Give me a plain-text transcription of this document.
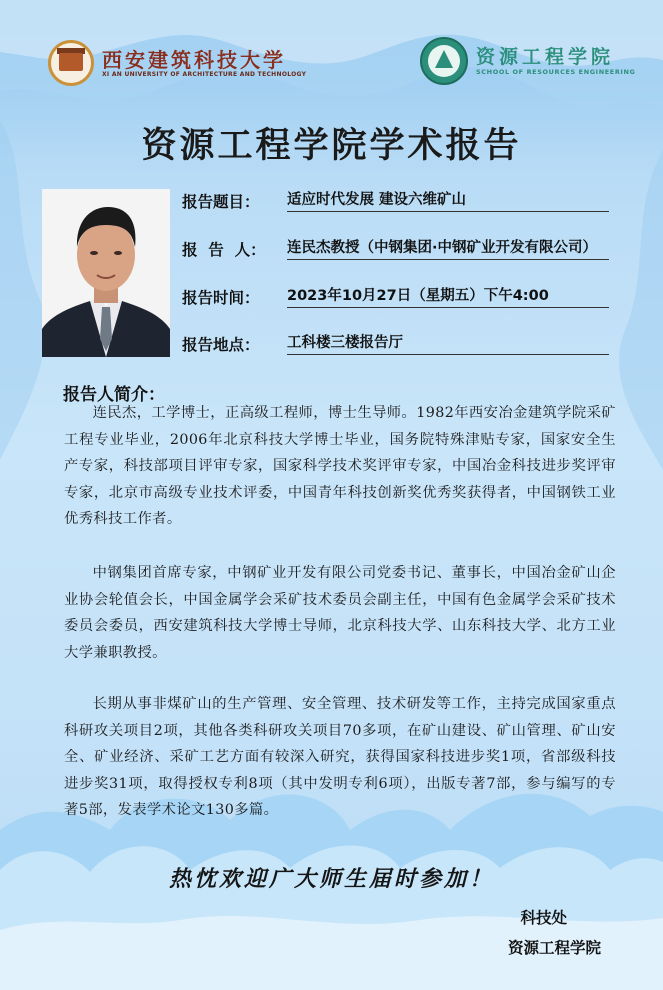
西安建筑科技大学
XI AN UNIVERSITY OF ARCHITECTURE AND TECHNOLOGY
资源工程学院
SCHOOL OF RESOURCES ENGINEERING
资源工程学院学术报告
报告题目：	适应时代发展 建设六维矿山
报  告  人：	连民杰教授（中钢集团·中钢矿业开发有限公司）
报告时间：	2023年10月27日（星期五）下午4:00
报告地点：	工科楼三楼报告厅
报告人简介：

连民杰，工学博士，正高级工程师，博士生导师。1982年西安冶金建筑学院采矿工程专业毕业，2006年北京科技大学博士毕业，国务院特殊津贴专家，国家安全生产专家，科技部项目评审专家，国家科学技术奖评审专家，中国冶金科技进步奖评审专家，北京市高级专业技术评委，中国青年科技创新奖优秀奖获得者，中国钢铁工业优秀科技工作者。

中钢集团首席专家，中钢矿业开发有限公司党委书记、董事长，中国冶金矿山企业协会轮值会长，中国金属学会采矿技术委员会副主任，中国有色金属学会采矿技术委员会委员，西安建筑科技大学博士导师，北京科技大学、山东科技大学、北方工业大学兼职教授。

长期从事非煤矿山的生产管理、安全管理、技术研发等工作，主持完成国家重点科研攻关项目2项，其他各类科研攻关项目70多项，在矿山建设、矿山管理、矿山安全、矿业经济、采矿工艺方面有较深入研究，获得国家科技进步奖1项，省部级科技进步奖31项，取得授权专利8项（其中发明专利6项），出版专著7部，参与编写的专著5部，发表学术论文130多篇。

热忱欢迎广大师生届时参加！
科技处
资源工程学院
